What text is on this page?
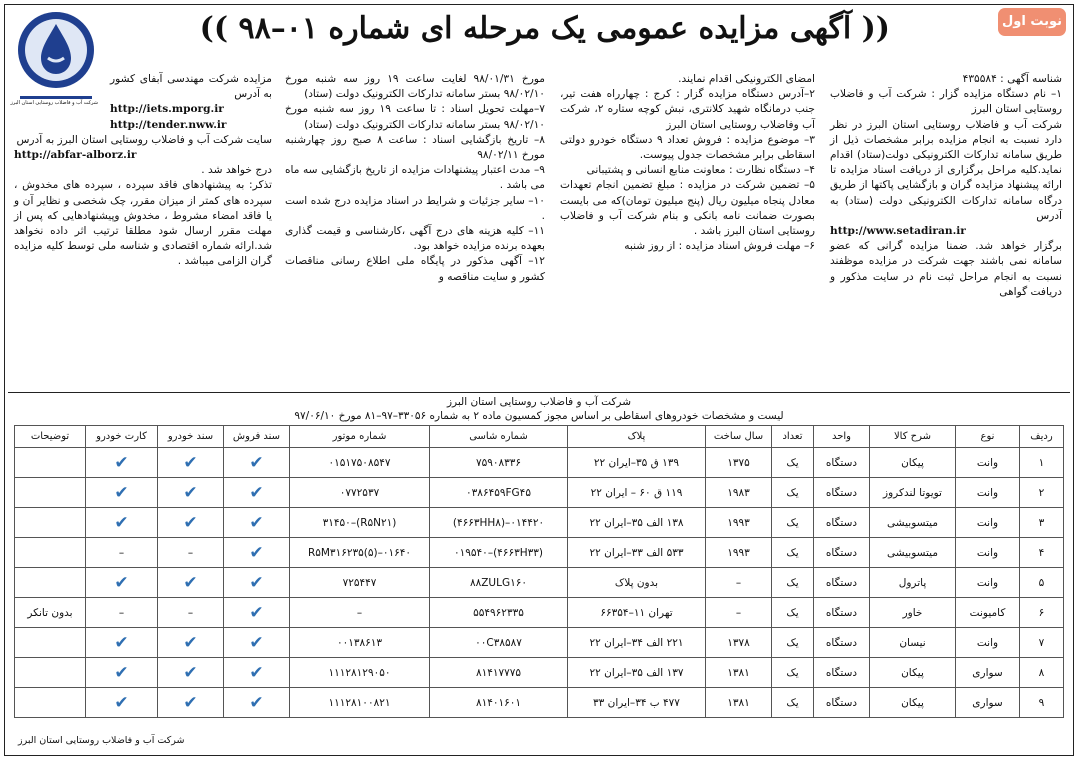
نوبت اول
(( آگهی مزایده عمومی یک مرحله ای شماره ۰۱–۹۸ ))
شرکت آب و فاضلاب روستایی استان البرز

شناسه آگهی : ۴۳۵۵۸۴

۱– نام دستگاه مزایده گزار : شرکت آب و فاضلاب روستایی استان البرز

شرکت آب و فاضلاب روستایی استان البرز در نظر دارد نسبت به انجام مزایده برابر مشخصات ذیل از طریق سامانه تدارکات الکترونیکی دولت(ستاد) اقدام نماید.کلیه مراحل برگزاری از دریافت اسناد مزایده تا ارائه پیشنهاد مزایده گران و بازگشایی پاکتها از طریق درگاه سامانه تدارکات الکترونیکی دولت (ستاد) به آدرس

http://www.setadiran.ir

برگزار خواهد شد. ضمنا مزایده گرانی که عضو سامانه نمی باشند جهت شرکت در مزایده موظفند نسبت به انجام مراحل ثبت نام در سایت مذکور و دریافت گواهی

امضای الکترونیکی اقدام نمایند.

۲–آدرس دستگاه مزایده گزار : کرج : چهارراه هفت تیر، جنب درمانگاه شهید کلانتری، نبش کوچه ستاره ۲، شرکت آب وفاضلاب روستایی استان البرز

۳– موضوع مزایده : فروش تعداد ۹ دستگاه خودرو دولتی اسقاطی برابر مشخصات جدول پیوست.

۴– دستگاه نظارت : معاونت منابع انسانی و پشتیبانی

۵– تضمین شرکت در مزایده : مبلغ تضمین انجام تعهدات معادل پنجاه میلیون ریال (پنج میلیون تومان)که می بایست بصورت ضمانت نامه بانکی و بنام شرکت آب و فاضلاب روستایی استان البرز باشد .

۶– مهلت فروش اسناد مزایده : از روز شنبه

مورخ ۹۸/۰۱/۳۱ لغایت ساعت ۱۹ روز سه شنبه مورخ ۹۸/۰۲/۱۰ بستر سامانه تدارکات الکترونیک دولت (ستاد)

۷–مهلت تحویل اسناد : تا ساعت ۱۹ روز سه شنبه مورخ ۹۸/۰۲/۱۰ بستر سامانه تدارکات الکترونیک دولت (ستاد)

۸– تاریخ بازگشایی اسناد : ساعت ۸ صبح روز چهارشنبه مورخ ۹۸/۰۲/۱۱

۹– مدت اعتبار پیشنهادات مزایده از تاریخ بازگشایی سه ماه می باشد .

۱۰– سایر جزئیات و شرایط در اسناد مزایده درج شده است .

۱۱– کلیه هزینه های درج آگهی ،کارشناسی و قیمت گذاری بعهده برنده مزایده خواهد بود.

۱۲– آگهی مذکور در پایگاه ملی اطلاع رسانی مناقصات کشور و سایت مناقصه و

مزایده شرکت مهندسی آبفای کشور به آدرس

http://iets.mporg.ir

http://tender.nww.ir

سایت شرکت آب و فاضلاب روستایی استان البرز به آدرس

http://abfar-alborz.ir

درج خواهد شد .

تذکر: به پیشنهادهای فاقد سپرده ، سپرده های مخدوش ، سپرده های کمتر از میزان مقرر، چک شخصی و نظایر آن و یا فاقد امضاء مشروط ، مخدوش وپیشنهادهایی که پس از مهلت مقرر ارسال شود مطلقا ترتیب اثر داده نخواهد شد.ارائه شماره اقتصادی و شناسه ملی توسط کلیه مزایده گران الزامی میباشد .

شرکت آب و فاضلاب روستایی استان البرز
لیست و مشخصات خودروهای اسقاطی بر اساس مجوز کمسیون ماده ۲ به شماره ۳۳۰۵۶–۹۷–۸۱ مورخ ۹۷/۰۶/۱۰
ردیف	نوع	شرح کالا	واحد	تعداد	سال ساخت	پلاک	شماره شاسی	شماره موتور	سند فروش	سند خودرو	کارت خودرو	توضیحات
۱	وانت	پیکان	دستگاه	یک	۱۳۷۵	۱۳۹ ق ۳۵–ایران ۲۲	۷۵۹۰۸۳۳۶	۰۱۵۱۷۵۰۸۵۴۷	✔	✔	✔	
۲	وانت	تویوتا لندکروز	دستگاه	یک	۱۹۸۳	۱۱۹ ق ۶۰ – ایران ۲۲	۰۳۸۶۴۵۹FG۴۵	۰۷۷۲۵۳۷	✔	✔	✔	
۳	وانت	میتسوبیشی	دستگاه	یک	۱۹۹۳	۱۳۸ الف ۳۵–ایران ۲۲	۰۱۴۴۲۰–(۴۶۶۳HH۸)	(R۵N۲۱)–۳۱۴۵۰	✔	✔	✔	
۴	وانت	میتسوبیشی	دستگاه	یک	۱۹۹۳	۵۳۳ الف ۳۳–ایران ۲۲	(۴۶۶۳H۳۳)–۰۱۹۵۴۰	R۵M۳۱۶۲۳۵(۵)–۰۱۶۴۰	✔	–	–	
۵	وانت	پاترول	دستگاه	یک	–	بدون پلاک	۸۸ZULG۱۶۰	۷۲۵۴۴۷	✔	✔	✔	
۶	کامیونت	خاور	دستگاه	یک	–	تهران ۱۱–۶۶۳۵۴	۵۵۴۹۶۲۳۳۵	–	✔	–	–	بدون تانکر
۷	وانت	نیسان	دستگاه	یک	۱۳۷۸	۲۲۱ الف ۳۴–ایران ۲۲	۰۰C۳۸۵۸۷	۰۰۱۳۸۶۱۳	✔	✔	✔	
۸	سواری	پیکان	دستگاه	یک	۱۳۸۱	۱۳۷ الف ۳۵–ایران ۲۲	۸۱۴۱۷۷۷۵	۱۱۱۲۸۱۲۹۰۵۰	✔	✔	✔	
۹	سواری	پیکان	دستگاه	یک	۱۳۸۱	۴۷۷ ب ۳۴–ایران ۳۳	۸۱۴۰۱۶۰۱	۱۱۱۲۸۱۰۰۸۲۱	✔	✔	✔	
شرکت آب و فاضلاب روستایی استان البرز
